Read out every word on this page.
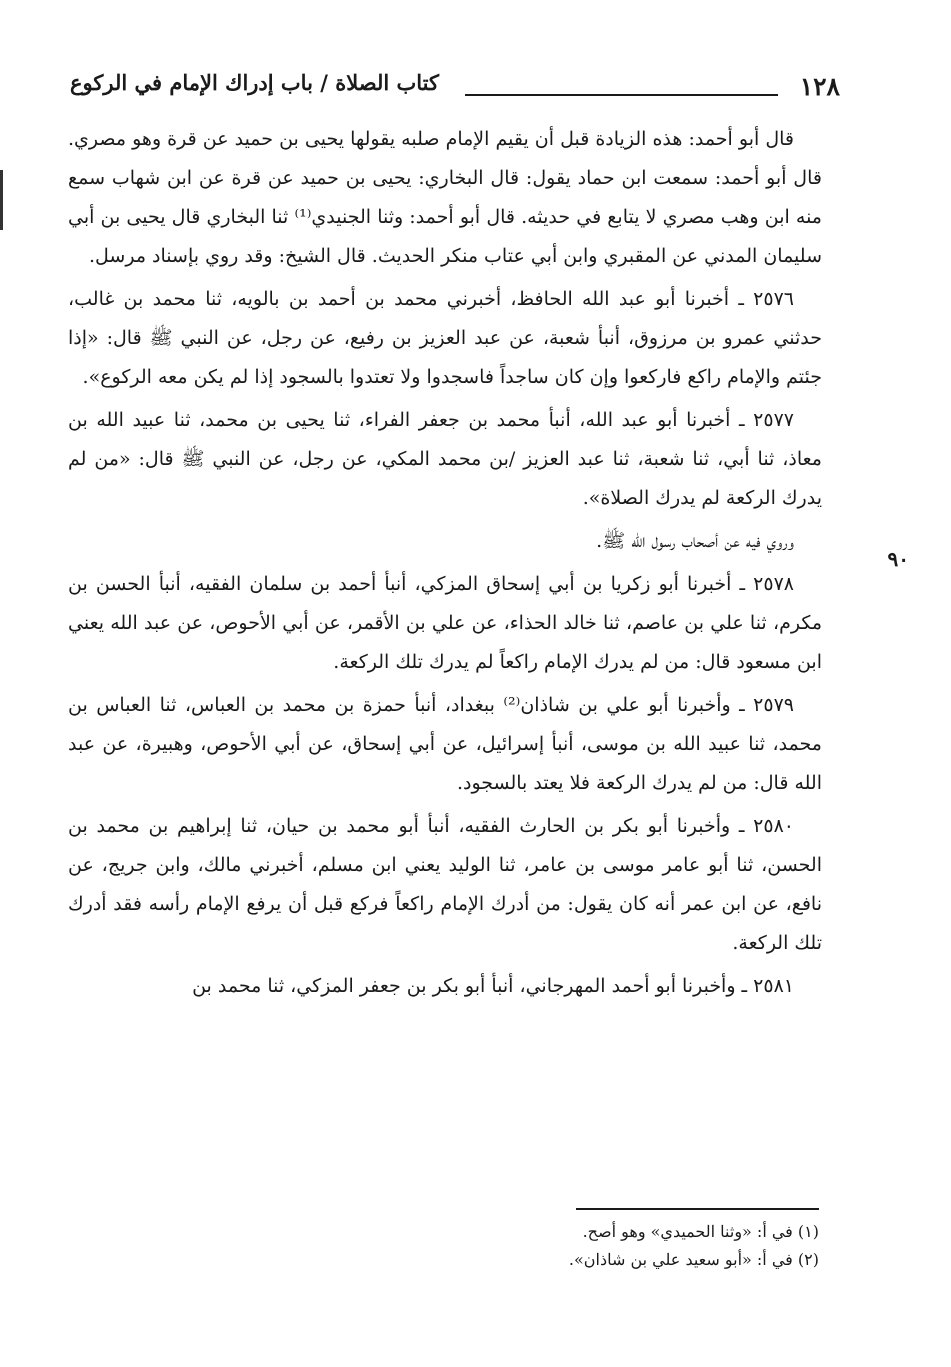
١٢٨
كتاب الصلاة / باب إدراك الإمام في الركوع
٩٠

قال أبو أحمد: هذه الزيادة قبل أن يقيم الإمام صلبه يقولها يحيى بن حميد عن قرة وهو مصري. قال أبو أحمد: سمعت ابن حماد يقول: قال البخاري: يحيى بن حميد عن قرة عن ابن شهاب سمع منه ابن وهب مصري لا يتابع في حديثه. قال أبو أحمد: وثنا الجنيدي⁽¹⁾ ثنا البخاري قال يحيى بن أبي سليمان المدني عن المقبري وابن أبي عتاب منكر الحديث. قال الشيخ: وقد روي بإسناد مرسل.

٢٥٧٦ ـ أخبرنا أبو عبد الله الحافظ، أخبرني محمد بن أحمد بن بالويه، ثنا محمد بن غالب، حدثني عمرو بن مرزوق، أنبأ شعبة، عن عبد العزيز بن رفيع، عن رجل، عن النبي ﷺ قال: «إذا جئتم والإمام راكع فاركعوا وإن كان ساجداً فاسجدوا ولا تعتدوا بالسجود إذا لم يكن معه الركوع».

٢٥٧٧ ـ أخبرنا أبو عبد الله، أنبأ محمد بن جعفر الفراء، ثنا يحيى بن محمد، ثنا عبيد الله بن معاذ، ثنا أبي، ثنا شعبة، ثنا عبد العزيز /بن محمد المكي، عن رجل، عن النبي ﷺ قال: «من لم يدرك الركعة لم يدرك الصلاة».

وروي فيه عن أصحاب رسول الله ﷺ.

٢٥٧٨ ـ أخبرنا أبو زكريا بن أبي إسحاق المزكي، أنبأ أحمد بن سلمان الفقيه، أنبأ الحسن بن مكرم، ثنا علي بن عاصم، ثنا خالد الحذاء، عن علي بن الأقمر، عن أبي الأحوص، عن عبد الله يعني ابن مسعود قال: من لم يدرك الإمام راكعاً لم يدرك تلك الركعة.

٢٥٧٩ ـ وأخبرنا أبو علي بن شاذان⁽²⁾ ببغداد، أنبأ حمزة بن محمد بن العباس، ثنا العباس بن محمد، ثنا عبيد الله بن موسى، أنبأ إسرائيل، عن أبي إسحاق، عن أبي الأحوص، وهبيرة، عن عبد الله قال: من لم يدرك الركعة فلا يعتد بالسجود.

٢٥٨٠ ـ وأخبرنا أبو بكر بن الحارث الفقيه، أنبأ أبو محمد بن حيان، ثنا إبراهيم بن محمد بن الحسن، ثنا أبو عامر موسى بن عامر، ثنا الوليد يعني ابن مسلم، أخبرني مالك، وابن جريج، عن نافع، عن ابن عمر أنه كان يقول: من أدرك الإمام راكعاً فركع قبل أن يرفع الإمام رأسه فقد أدرك تلك الركعة.

٢٥٨١ ـ وأخبرنا أبو أحمد المهرجاني، أنبأ أبو بكر بن جعفر المزكي، ثنا محمد بن

(١) في أ: «وثنا الحميدي» وهو أصح.

(٢) في أ: «أبو سعيد علي بن شاذان».
